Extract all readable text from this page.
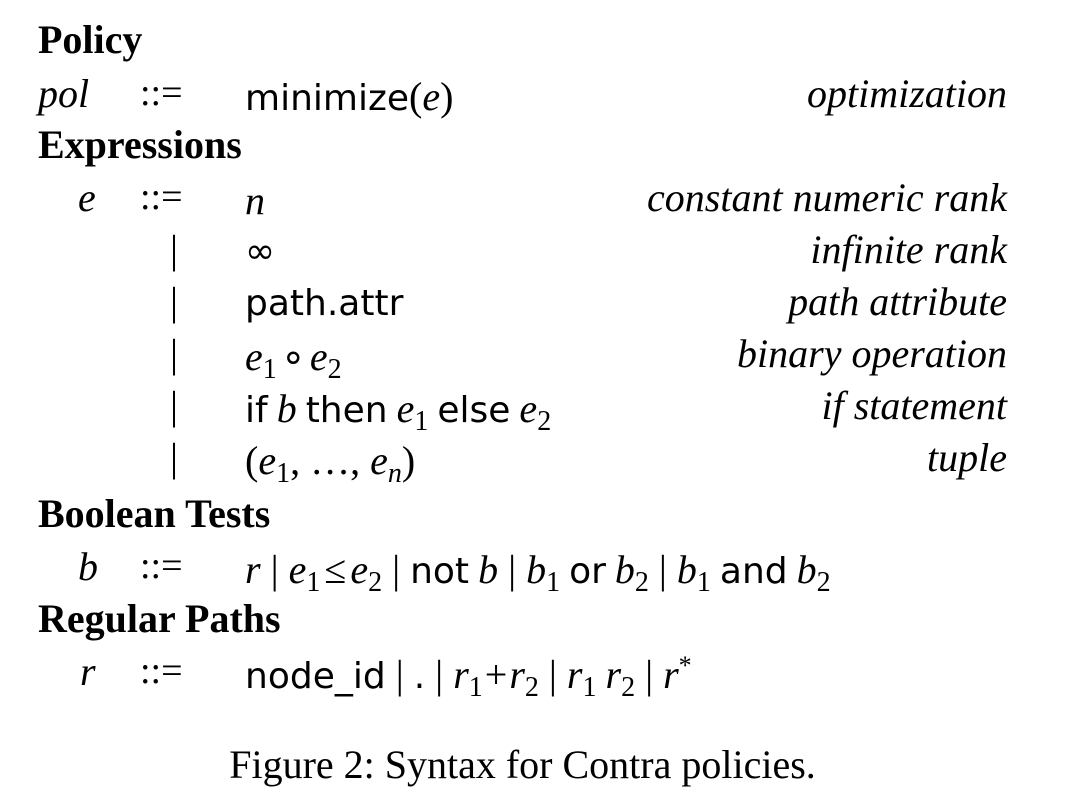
Policy
pol ::= minimize(e)	optimization
Expressions
e ::= n	constant numeric rank
| ∞	infinite rank
| path.attr	path attribute
| $e_1$ ∘ $e_2$	binary operation
| if b then $e_1$ else $e_2$	if statement
| ($e_1$, …, $e_n$)	tuple
Boolean Tests
b ::= r | $e_1 \le e_2$ | not b | $b_1$ or $b_2$ | $b_1$ and $b_2$
Regular Paths
r ::= node_id | . | $r_1+r_2$ | $r_1$ $r_2$ | r*
Figure 2: Syntax for Contra policies.
